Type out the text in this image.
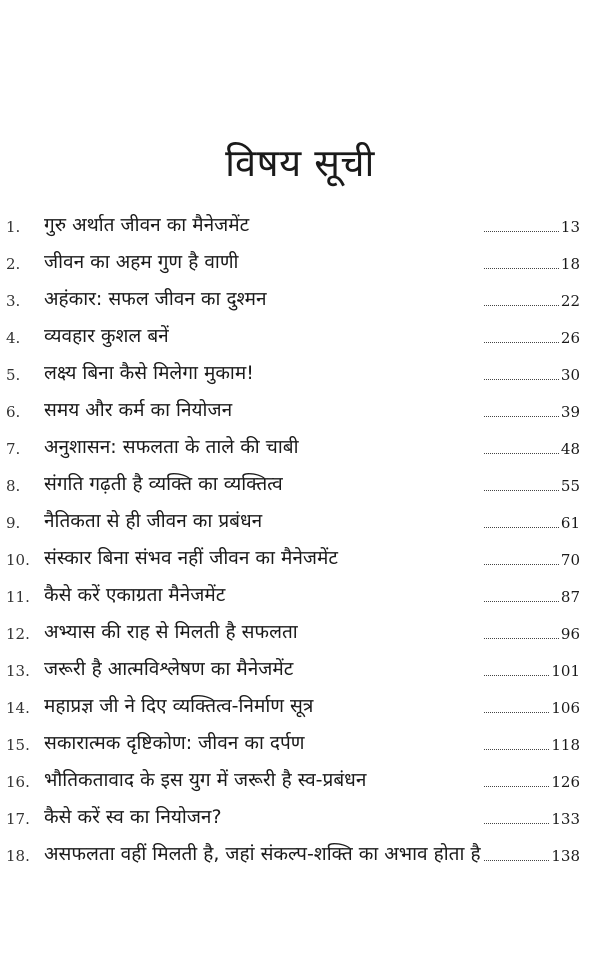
विषय सूची
1.	गुरु अर्थात जीवन का मैनेजमेंट	13
2.	जीवन का अहम गुण है वाणी	18
3.	अहंकार: सफल जीवन का दुश्मन	22
4.	व्यवहार कुशल बनें	26
5.	लक्ष्य बिना कैसे मिलेगा मुकाम!	30
6.	समय और कर्म का नियोजन	39
7.	अनुशासन: सफलता के ताले की चाबी	48
8.	संगति गढ़ती है व्यक्ति का व्यक्तित्व	55
9.	नैतिकता से ही जीवन का प्रबंधन	61
10. संस्कार बिना संभव नहीं जीवन का मैनेजमेंट	70
11. कैसे करें एकाग्रता मैनेजमेंट	87
12. अभ्यास की राह से मिलती है सफलता	96
13. जरूरी है आत्मविश्लेषण का मैनेजमेंट	101
14. महाप्रज्ञ जी ने दिए व्यक्तित्व-निर्माण सूत्र	106
15. सकारात्मक दृष्टिकोण: जीवन का दर्पण	118
16. भौतिकतावाद के इस युग में जरूरी है स्व-प्रबंधन	126
17. कैसे करें स्व का नियोजन?	133
18. असफलता वहीं मिलती है, जहां संकल्प-शक्ति का अभाव होता है	138
